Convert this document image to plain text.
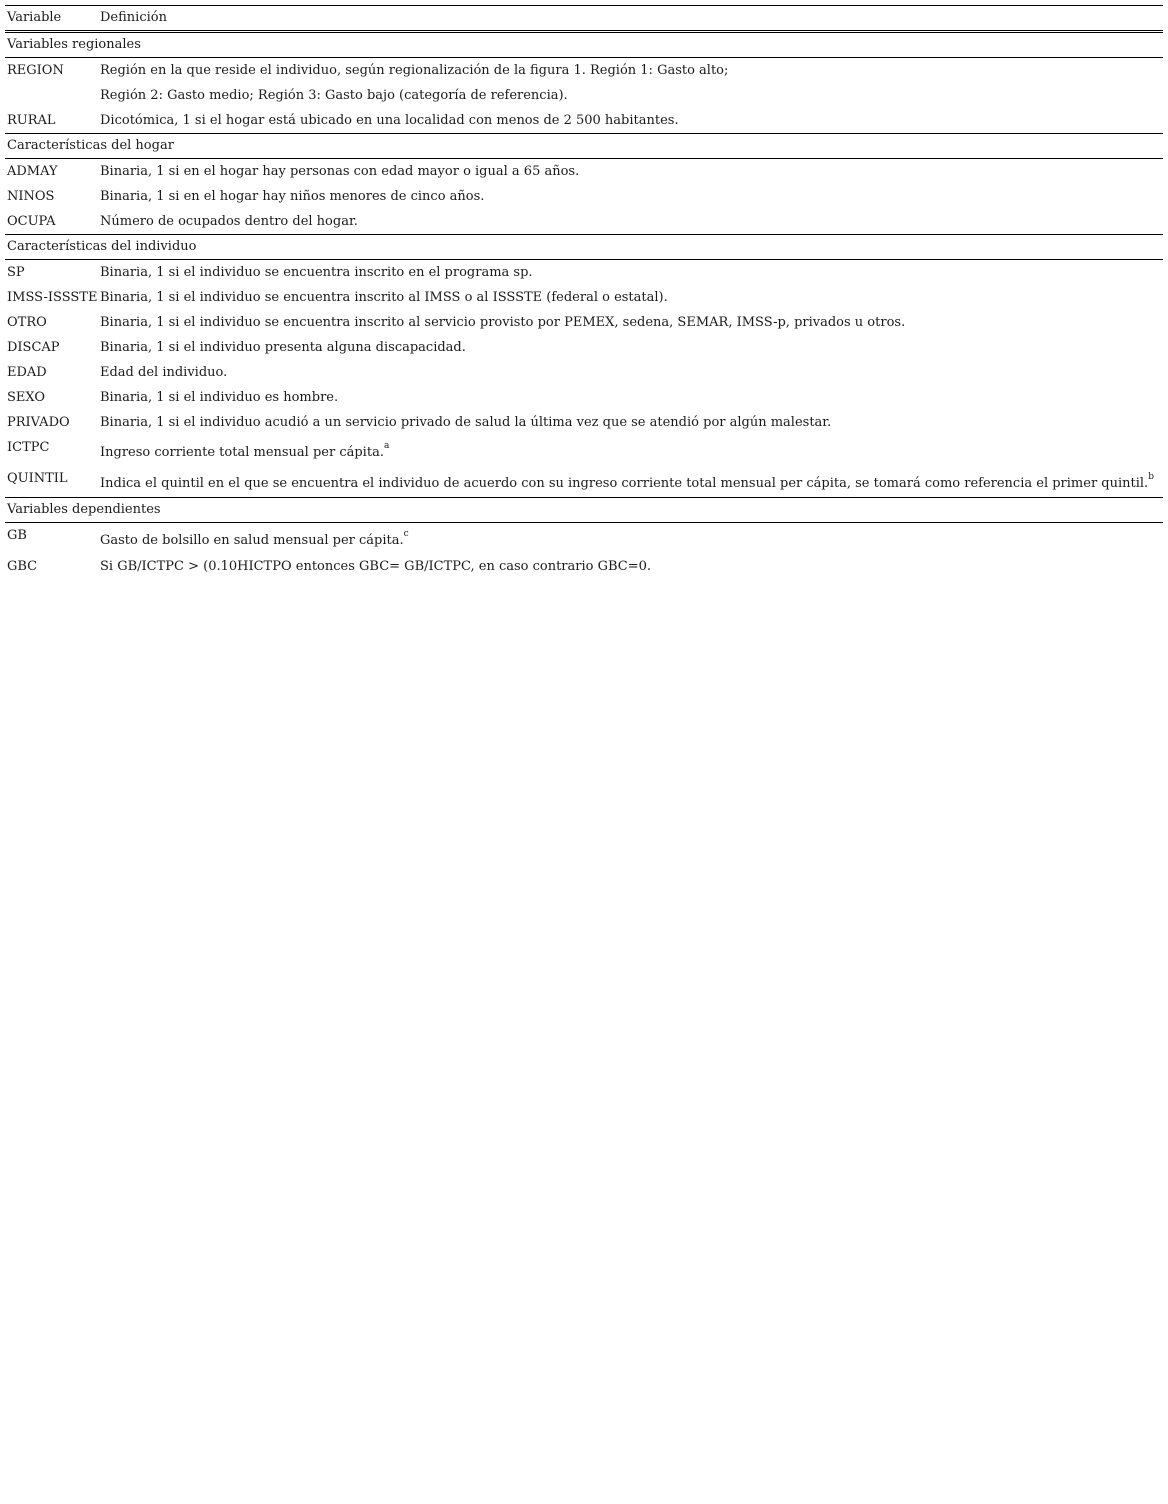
Variable	Definición
Variables regionales	
REGION	Región en la que reside el individuo, según regionalización de la figura 1. Región 1: Gasto alto;
	Región 2: Gasto medio; Región 3: Gasto bajo (categoría de referencia).
RURAL	Dicotómica, 1 si el hogar está ubicado en una localidad con menos de 2 500 habitantes.
Características del hogar	
ADMAY	Binaria, 1 si en el hogar hay personas con edad mayor o igual a 65 años.
NINOS	Binaria, 1 si en el hogar hay niños menores de cinco años.
OCUPA	Número de ocupados dentro del hogar.
Características del individuo	
SP	Binaria, 1 si el individuo se encuentra inscrito en el programa sp.
IMSS-ISSSTE	Binaria, 1 si el individuo se encuentra inscrito al IMSS o al ISSSTE (federal o estatal).
OTRO	Binaria, 1 si el individuo se encuentra inscrito al servicio provisto por PEMEX, sedena, SEMAR, IMSS-p, privados u otros.
DISCAP	Binaria, 1 si el individuo presenta alguna discapacidad.
EDAD	Edad del individuo.
SEXO	Binaria, 1 si el individuo es hombre.
PRIVADO	Binaria, 1 si el individuo acudió a un servicio privado de salud la última vez que se atendió por algún malestar.
ICTPC	Ingreso corriente total mensual per cápita.$^a$
QUINTIL	Indica el quintil en el que se encuentra el individuo de acuerdo con su ingreso corriente total mensual per cápita, se tomará como referencia el primer quintil.$^b$
Variables dependientes	
GB	Gasto de bolsillo en salud mensual per cápita.$^c$
GBC	Si GB/ICTPC > (0.10HICTPO entonces GBC= GB/ICTPC, en caso contrario GBC=0.
